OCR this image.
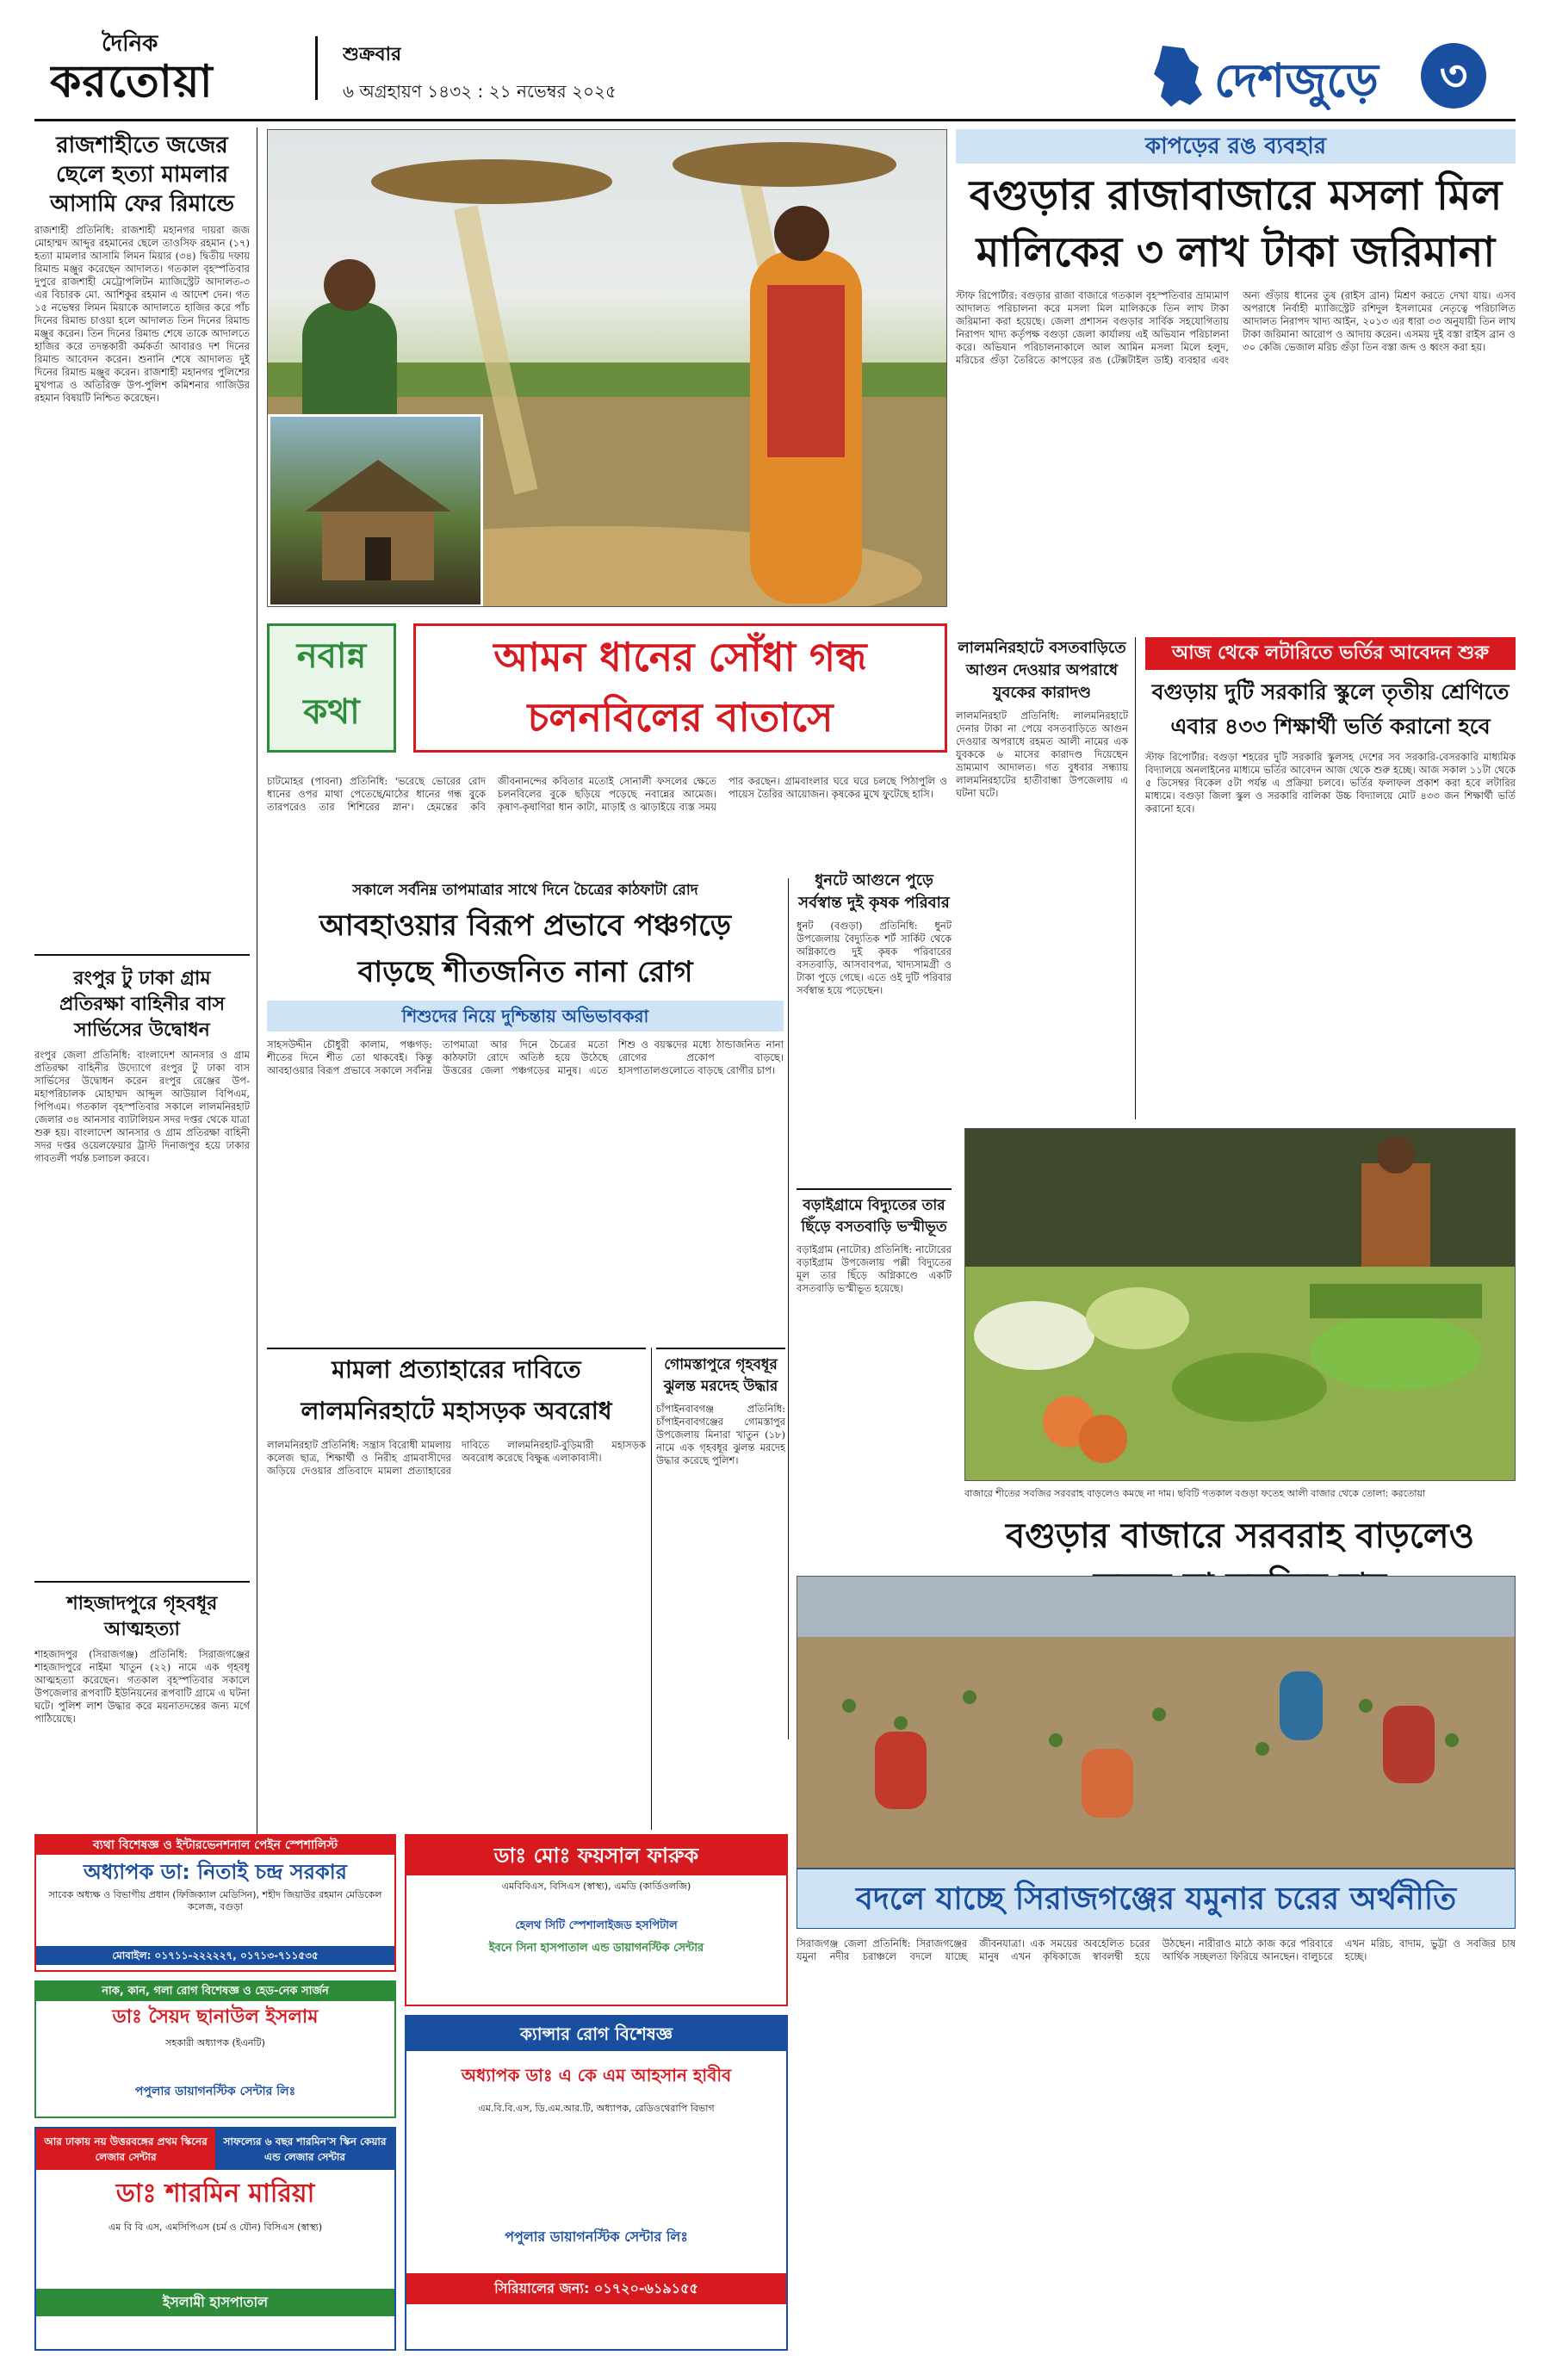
দৈনিক
করতোয়া
শুক্রবার
৬ অগ্রহায়ণ ১৪৩২ : ২১ নভেম্বর ২০২৫	দেশজুড়ে	৩
রাজশাহীতে জজের ছেলে হত্যা মামলার আসামি ফের রিমান্ডে
রাজশাহী প্রতিনিধি: রাজশাহী মহানগর দায়রা জজ মোহাম্মদ আব্দুর রহমানের ছেলে তাওসিফ রহমান (১৭) হত্যা মামলার আসামি লিমন মিয়ার (৩৪) দ্বিতীয় দফায় রিমান্ড মঞ্জুর করেছেন আদালত। গতকাল বৃহস্পতিবার দুপুরে রাজশাহী মেট্রোপলিটন ম্যাজিস্ট্রেট আদালত-৩ এর বিচারক মো. আশিকুর রহমান এ আদেশ দেন। গত ১৫ নভেম্বর লিমন মিয়াকে আদালতে হাজির করে পাঁচ দিনের রিমান্ড চাওয়া হলে আদালত তিন দিনের রিমান্ড মঞ্জুর করেন। তিন দিনের রিমান্ড শেষে তাকে আদালতে হাজির করে তদন্তকারী কর্মকর্তা আবারও দশ দিনের রিমান্ড আবেদন করেন। শুনানি শেষে আদালত দুই দিনের রিমান্ড মঞ্জুর করেন। রাজশাহী মহানগর পুলিশের মুখপাত্র ও অতিরিক্ত উপ-পুলিশ কমিশনার গাজিউর রহমান বিষয়টি নিশ্চিত করেছেন।
রংপুর টু ঢাকা গ্রাম প্রতিরক্ষা বাহিনীর বাস সার্ভিসের উদ্বোধন
রংপুর জেলা প্রতিনিধি: বাংলাদেশ আনসার ও গ্রাম প্রতিরক্ষা বাহিনীর উদ্যোগে রংপুর টু ঢাকা বাস সার্ভিসের উদ্বোধন করেন রংপুর রেঞ্জের উপ-মহাপরিচালক মোহাম্মদ আব্দুল আউয়াল বিপিএম, পিপিএম। গতকাল বৃহস্পতিবার সকালে লালমনিরহাট জেলার ৩৪ আনসার ব্যাটালিয়ন সদর দপ্তর থেকে যাত্রা শুরু হয়। বাংলাদেশ আনসার ও গ্রাম প্রতিরক্ষা বাহিনী সদর দপ্তর ওয়েলফেয়ার ট্রাস্ট দিনাজপুর হয়ে ঢাকার গাবতলী পর্যন্ত চলাচল করবে।
শাহজাদপুরে গৃহবধূর আত্মহত্যা
শাহজাদপুর (সিরাজগঞ্জ) প্রতিনিধি: সিরাজগঞ্জের শাহজাদপুরে নাইমা খাতুন (২২) নামে এক গৃহবধূ আত্মহত্যা করেছেন। গতকাল বৃহস্পতিবার সকালে উপজেলার রূপবাটি ইউনিয়নের রূপবাটি গ্রামে এ ঘটনা ঘটে। পুলিশ লাশ উদ্ধার করে ময়নাতদন্তের জন্য মর্গে পাঠিয়েছে।
কাপড়ের রঙ ব্যবহার
বগুড়ার রাজাবাজারে মসলা মিল
মালিকের ৩ লাখ টাকা জরিমানা
স্টাফ রিপোর্টার: বগুড়ার রাজা বাজারে গতকাল বৃহস্পতিবার ভ্রাম্যমাণ আদালত পরিচালনা করে মসলা মিল মালিককে তিন লাখ টাকা জরিমানা করা হয়েছে। জেলা প্রশাসন বগুড়ার সার্বিক সহযোগিতায় নিরাপদ খাদ্য কর্তৃপক্ষ বগুড়া জেলা কার্যালয় এই অভিযান পরিচালনা করে। অভিযান পরিচালনাকালে আল আমিন মসলা মিলে হলুদ, মরিচের গুঁড়া তৈরিতে কাপড়ের রঙ (টেক্সটাইল ডাই) ব্যবহার এবং অন্য গুঁড়ায় ধানের তুষ (রাইস ব্রান) মিশ্রণ করতে দেখা যায়। এসব অপরাধে নির্বাহী ম্যাজিস্ট্রেট রশিদুল ইসলামের নেতৃত্বে পরিচালিত আদালত নিরাপদ খাদ্য আইন, ২০১৩ এর ধারা ৩৩ অনুযায়ী তিন লাখ টাকা জরিমানা আরোপ ও আদায় করেন। এসময় দুই বস্তা রাইস ব্রান ও ৩০ কেজি ভেজাল মরিচ গুঁড়া তিন বস্তা জব্দ ও ধ্বংস করা হয়।
লালমনিরহাটে বসতবাড়িতে আগুন দেওয়ার অপরাধে যুবকের কারাদণ্ড
লালমনিরহাট প্রতিনিধি: লালমনিরহাটে দেনার টাকা না পেয়ে বসতবাড়িতে আগুন দেওয়ার অপরাধে রহমত আলী নামের এক যুবককে ৬ মাসের কারাদণ্ড দিয়েছেন ভ্রাম্যমাণ আদালত। গত বুধবার সন্ধ্যায় লালমনিরহাটের হাতীবান্ধা উপজেলায় এ ঘটনা ঘটে।
আজ থেকে লটারিতে ভর্তির আবেদন শুরু
বগুড়ায় দুটি সরকারি স্কুলে তৃতীয় শ্রেণিতে
এবার ৪৩৩ শিক্ষার্থী ভর্তি করানো হবে
স্টাফ রিপোর্টার: বগুড়া শহরের দুটি সরকারি স্কুলসহ দেশের সব সরকারি-বেসরকারি মাধ্যমিক বিদ্যালয়ে অনলাইনের মাধ্যমে ভর্তির আবেদন আজ থেকে শুরু হচ্ছে। আজ সকাল ১১টা থেকে ৫ ডিসেম্বর বিকেল ৫টা পর্যন্ত এ প্রক্রিয়া চলবে। ভর্তির ফলাফল প্রকাশ করা হবে লটারির মাধ্যমে। বগুড়া জিলা স্কুল ও সরকারি বালিকা উচ্চ বিদ্যালয়ে মোট ৪৩৩ জন শিক্ষার্থী ভর্তি করানো হবে।
নবান্ন
কথা
আমন ধানের সোঁধা গন্ধ
চলনবিলের বাতাসে
চাটমোহর (পাবনা) প্রতিনিধি: 'ভরেছে ভোরের রোদ ধানের ওপর মাথা পেতেছে/মাঠের ধানের গন্ধ বুকে তারপরেও তার শিশিরের স্নান'। হেমন্তের কবি জীবনানন্দের কবিতার মতোই সোনালী ফসলের ক্ষেতে চলনবিলের বুকে ছড়িয়ে পড়েছে নবান্নের আমেজ। কৃষাণ-কৃষাণিরা ধান কাটা, মাড়াই ও ঝাড়াইয়ে ব্যস্ত সময় পার করছেন। গ্রামবাংলার ঘরে ঘরে চলছে পিঠাপুলি ও পায়েস তৈরির আয়োজন। কৃষকের মুখে ফুটেছে হাসি।
সকালে সর্বনিম্ন তাপমাত্রার সাথে দিনে চৈত্রের কাঠফাটা রোদ
আবহাওয়ার বিরূপ প্রভাবে পঞ্চগড়ে
বাড়ছে শীতজনিত নানা রোগ
শিশুদের নিয়ে দুশ্চিন্তায় অভিভাবকরা
সাহসউদ্দীন চৌধুরী কালাম, পঞ্চগড়: শীতের দিনে শীত তো থাকবেই। কিন্তু আবহাওয়ার বিরূপ প্রভাবে সকালে সর্বনিম্ন তাপমাত্রা আর দিনে চৈত্রের মতো কাঠফাটা রোদে অতিষ্ঠ হয়ে উঠেছে উত্তরের জেলা পঞ্চগড়ের মানুষ। এতে শিশু ও বয়স্কদের মধ্যে ঠান্ডাজনিত নানা রোগের প্রকোপ বাড়ছে। হাসপাতালগুলোতে বাড়ছে রোগীর চাপ।
ধুনটে আগুনে পুড়ে সর্বস্বান্ত দুই কৃষক পরিবার
ধুনট (বগুড়া) প্রতিনিধি: ধুনট উপজেলায় বৈদ্যুতিক শর্ট সার্কিট থেকে অগ্নিকাণ্ডে দুই কৃষক পরিবারের বসতবাড়ি, আসবাবপত্র, খাদ্যসামগ্রী ও টাকা পুড়ে গেছে। এতে ওই দুটি পরিবার সর্বস্বান্ত হয়ে পড়েছেন।
বড়াইগ্রামে বিদ্যুতের তার ছিঁড়ে বসতবাড়ি ভস্মীভূত
বড়াইগ্রাম (নাটোর) প্রতিনিধি: নাটোরের বড়াইগ্রাম উপজেলায় পল্লী বিদ্যুতের মূল তার ছিঁড়ে অগ্নিকাণ্ডে একটি বসতবাড়ি ভস্মীভূত হয়েছে।
বাজারে শীতের সবজির সরবরাহ বাড়লেও কমছে না দাম। ছবিটি গতকাল বগুড়া ফতেহ আলী বাজার থেকে তোলা: করতোয়া
বগুড়ার বাজারে সরবরাহ বাড়লেও
মামলা প্রত্যাহারের দাবিতে
লালমনিরহাটে মহাসড়ক অবরোধ
লালমনিরহাট প্রতিনিধি: সন্ত্রাস বিরোধী মামলায় কলেজ ছাত্র, শিক্ষার্থী ও নিরীহ গ্রামবাসীদের জড়িয়ে দেওয়ার প্রতিবাদে মামলা প্রত্যাহারের দাবিতে লালমনিরহাট-বুড়িমারী মহাসড়ক অবরোধ করেছে বিক্ষুব্ধ এলাকাবাসী।
গোমস্তাপুরে গৃহবধূর ঝুলন্ত মরদেহ উদ্ধার
চাঁপাইনবাবগঞ্জ প্রতিনিধি: চাঁপাইনবাবগঞ্জের গোমস্তাপুর উপজেলায় মিনারা খাতুন (১৮) নামে এক গৃহবধূর ঝুলন্ত মরদেহ উদ্ধার করেছে পুলিশ।
বদলে যাচ্ছে সিরাজগঞ্জের যমুনার চরের অর্থনীতি
সিরাজগঞ্জ জেলা প্রতিনিধি: সিরাজগঞ্জের যমুনা নদীর চরাঞ্চলে বদলে যাচ্ছে জীবনযাত্রা। এক সময়ের অবহেলিত চরের মানুষ এখন কৃষিকাজে স্বাবলম্বী হয়ে উঠছেন। নারীরাও মাঠে কাজ করে পরিবারে আর্থিক সচ্ছলতা ফিরিয়ে আনছেন। বালুচরে এখন মরিচ, বাদাম, ভুট্টা ও সবজির চাষ হচ্ছে।
ব্যথা বিশেষজ্ঞ ও ইন্টারভেনশনাল পেইন স্পেশালিস্ট
অধ্যাপক ডা: নিতাই চন্দ্র সরকার
সাবেক অধ্যক্ষ ও বিভাগীয় প্রধান (ফিজিক্যাল মেডিসিন), শহীদ জিয়াউর রহমান মেডিকেল কলেজ, বগুড়া
মোবাইল: ০১৭১১-২২২২২৭, ০১৭১৩-৭১১৫৩৫
নাক, কান, গলা রোগ বিশেষজ্ঞ ও হেড-নেক সার্জন
ডাঃ সৈয়দ ছানাউল ইসলাম
সহকারী অধ্যাপক (ইএনটি)
পপুলার ডায়াগনস্টিক সেন্টার লিঃ
ডাঃ মোঃ ফয়সাল ফারুক
এমবিবিএস, বিসিএস (স্বাস্থ্য), এমডি (কার্ডিওলজি)
হেলথ সিটি স্পেশালাইজড হসপিটাল
ইবনে সিনা হাসপাতাল এন্ড ডায়াগনস্টিক সেন্টার
আর ঢাকায় নয় উত্তরবঙ্গের প্রথম স্কিনের লেজার সেন্টার
সাফল্যের ৬ বছর শারমিন'স স্কিন কেয়ার এন্ড লেজার সেন্টার
ডাঃ শারমিন মারিয়া
এম বি বি এস, এমসিপিএস (চর্ম ও যৌন) বিসিএস (স্বাস্থ্য)
ইসলামী হাসপাতাল
ক্যান্সার রোগ বিশেষজ্ঞ
অধ্যাপক ডাঃ এ কে এম আহসান হাবীব
এম.বি.বি.এস, ডি.এম.আর.টি, অধ্যাপক, রেডিওথেরাপি বিভাগ
পপুলার ডায়াগনস্টিক সেন্টার লিঃ
সিরিয়ালের জন্য: ০১৭২০-৬১৯১৫৫
